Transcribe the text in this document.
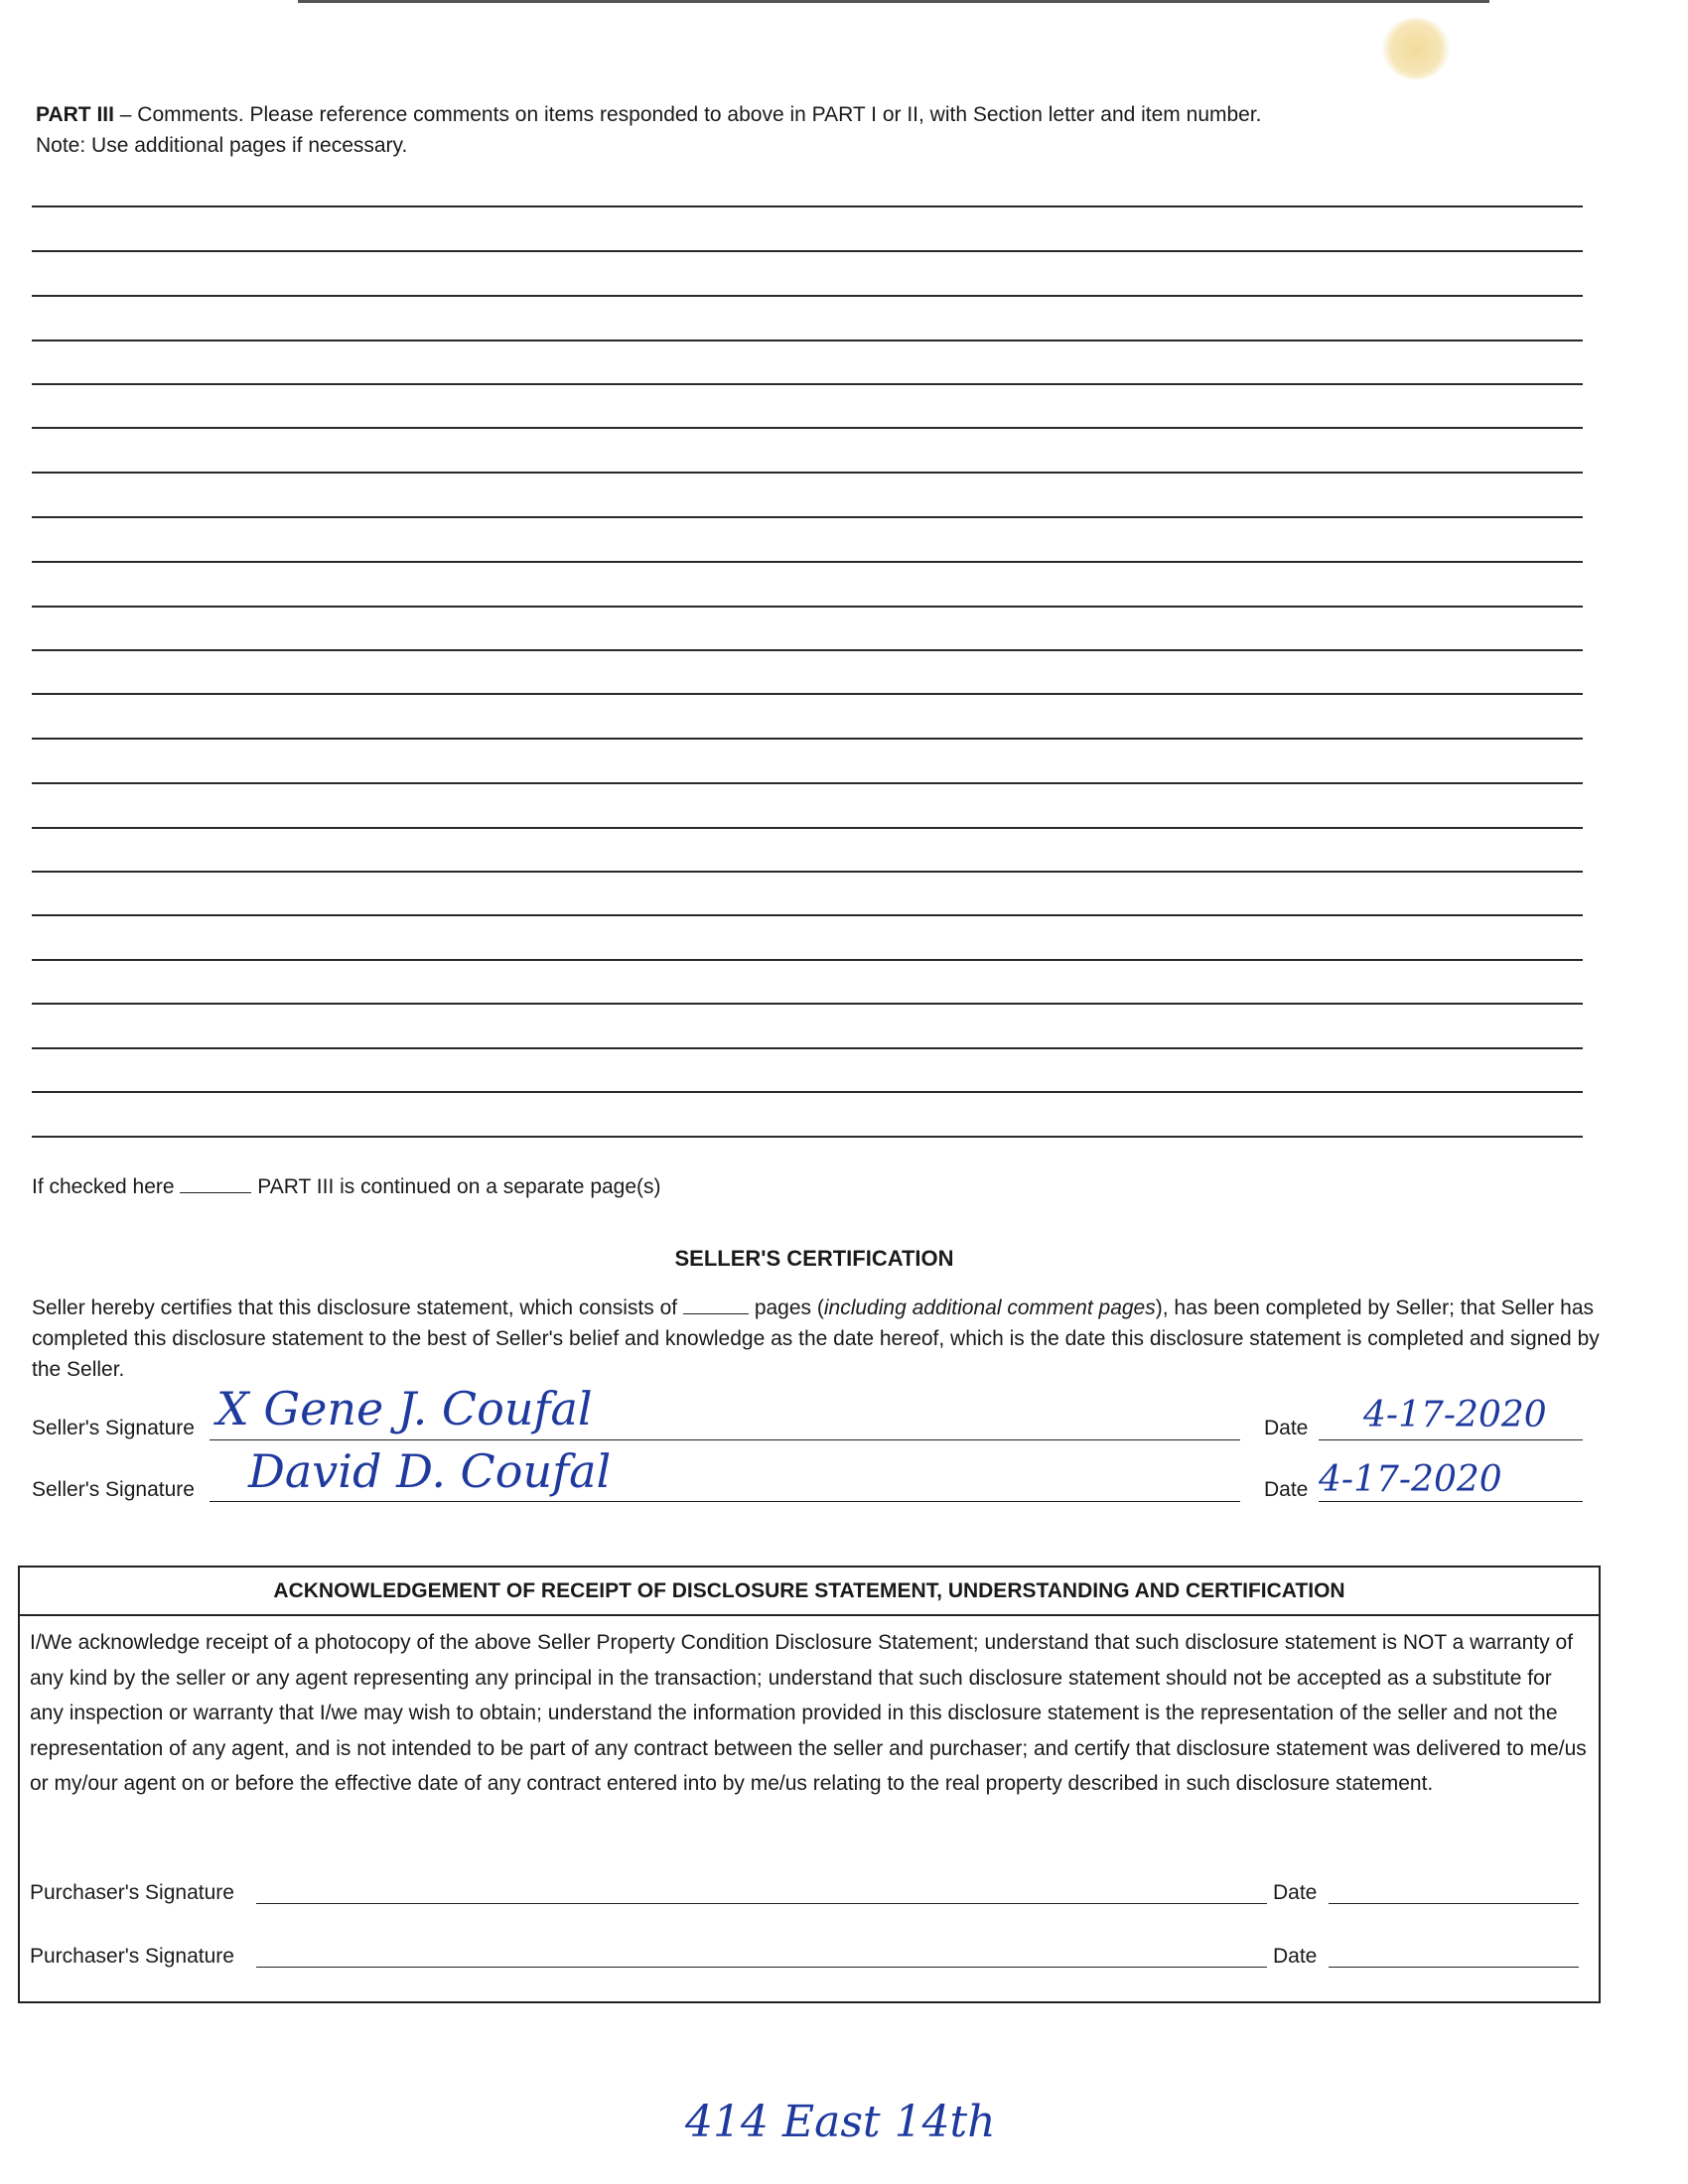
PART III – Comments. Please reference comments on items responded to above in PART I or II, with Section letter and item number.
Note: Use additional pages if necessary.
If checked here	PART III is continued on a separate page(s)
SELLER'S CERTIFICATION
Seller hereby certifies that this disclosure statement, which consists of	pages (including additional comment pages), has been completed by Seller; that Seller has completed this disclosure statement to the best of Seller's belief and knowledge as the date hereof, which is the date this disclosure statement is completed and signed by the Seller.
Seller's Signature X Gene J. Coufal	Date 4-17-2020
Seller's Signature David D. Coufal	Date 4-17-2020
ACKNOWLEDGEMENT OF RECEIPT OF DISCLOSURE STATEMENT, UNDERSTANDING AND CERTIFICATION
I/We acknowledge receipt of a photocopy of the above Seller Property Condition Disclosure Statement; understand that such disclosure statement is NOT a warranty of any kind by the seller or any agent representing any principal in the transaction; understand that such disclosure statement should not be accepted as a substitute for any inspection or warranty that I/we may wish to obtain; understand the information provided in this disclosure statement is the representation of the seller and not the representation of any agent, and is not intended to be part of any contract between the seller and purchaser; and certify that disclosure statement was delivered to me/us or my/our agent on or before the effective date of any contract entered into by me/us relating to the real property described in such disclosure statement.
Purchaser's Signature	Date
Purchaser's Signature	Date
414 East 14th
